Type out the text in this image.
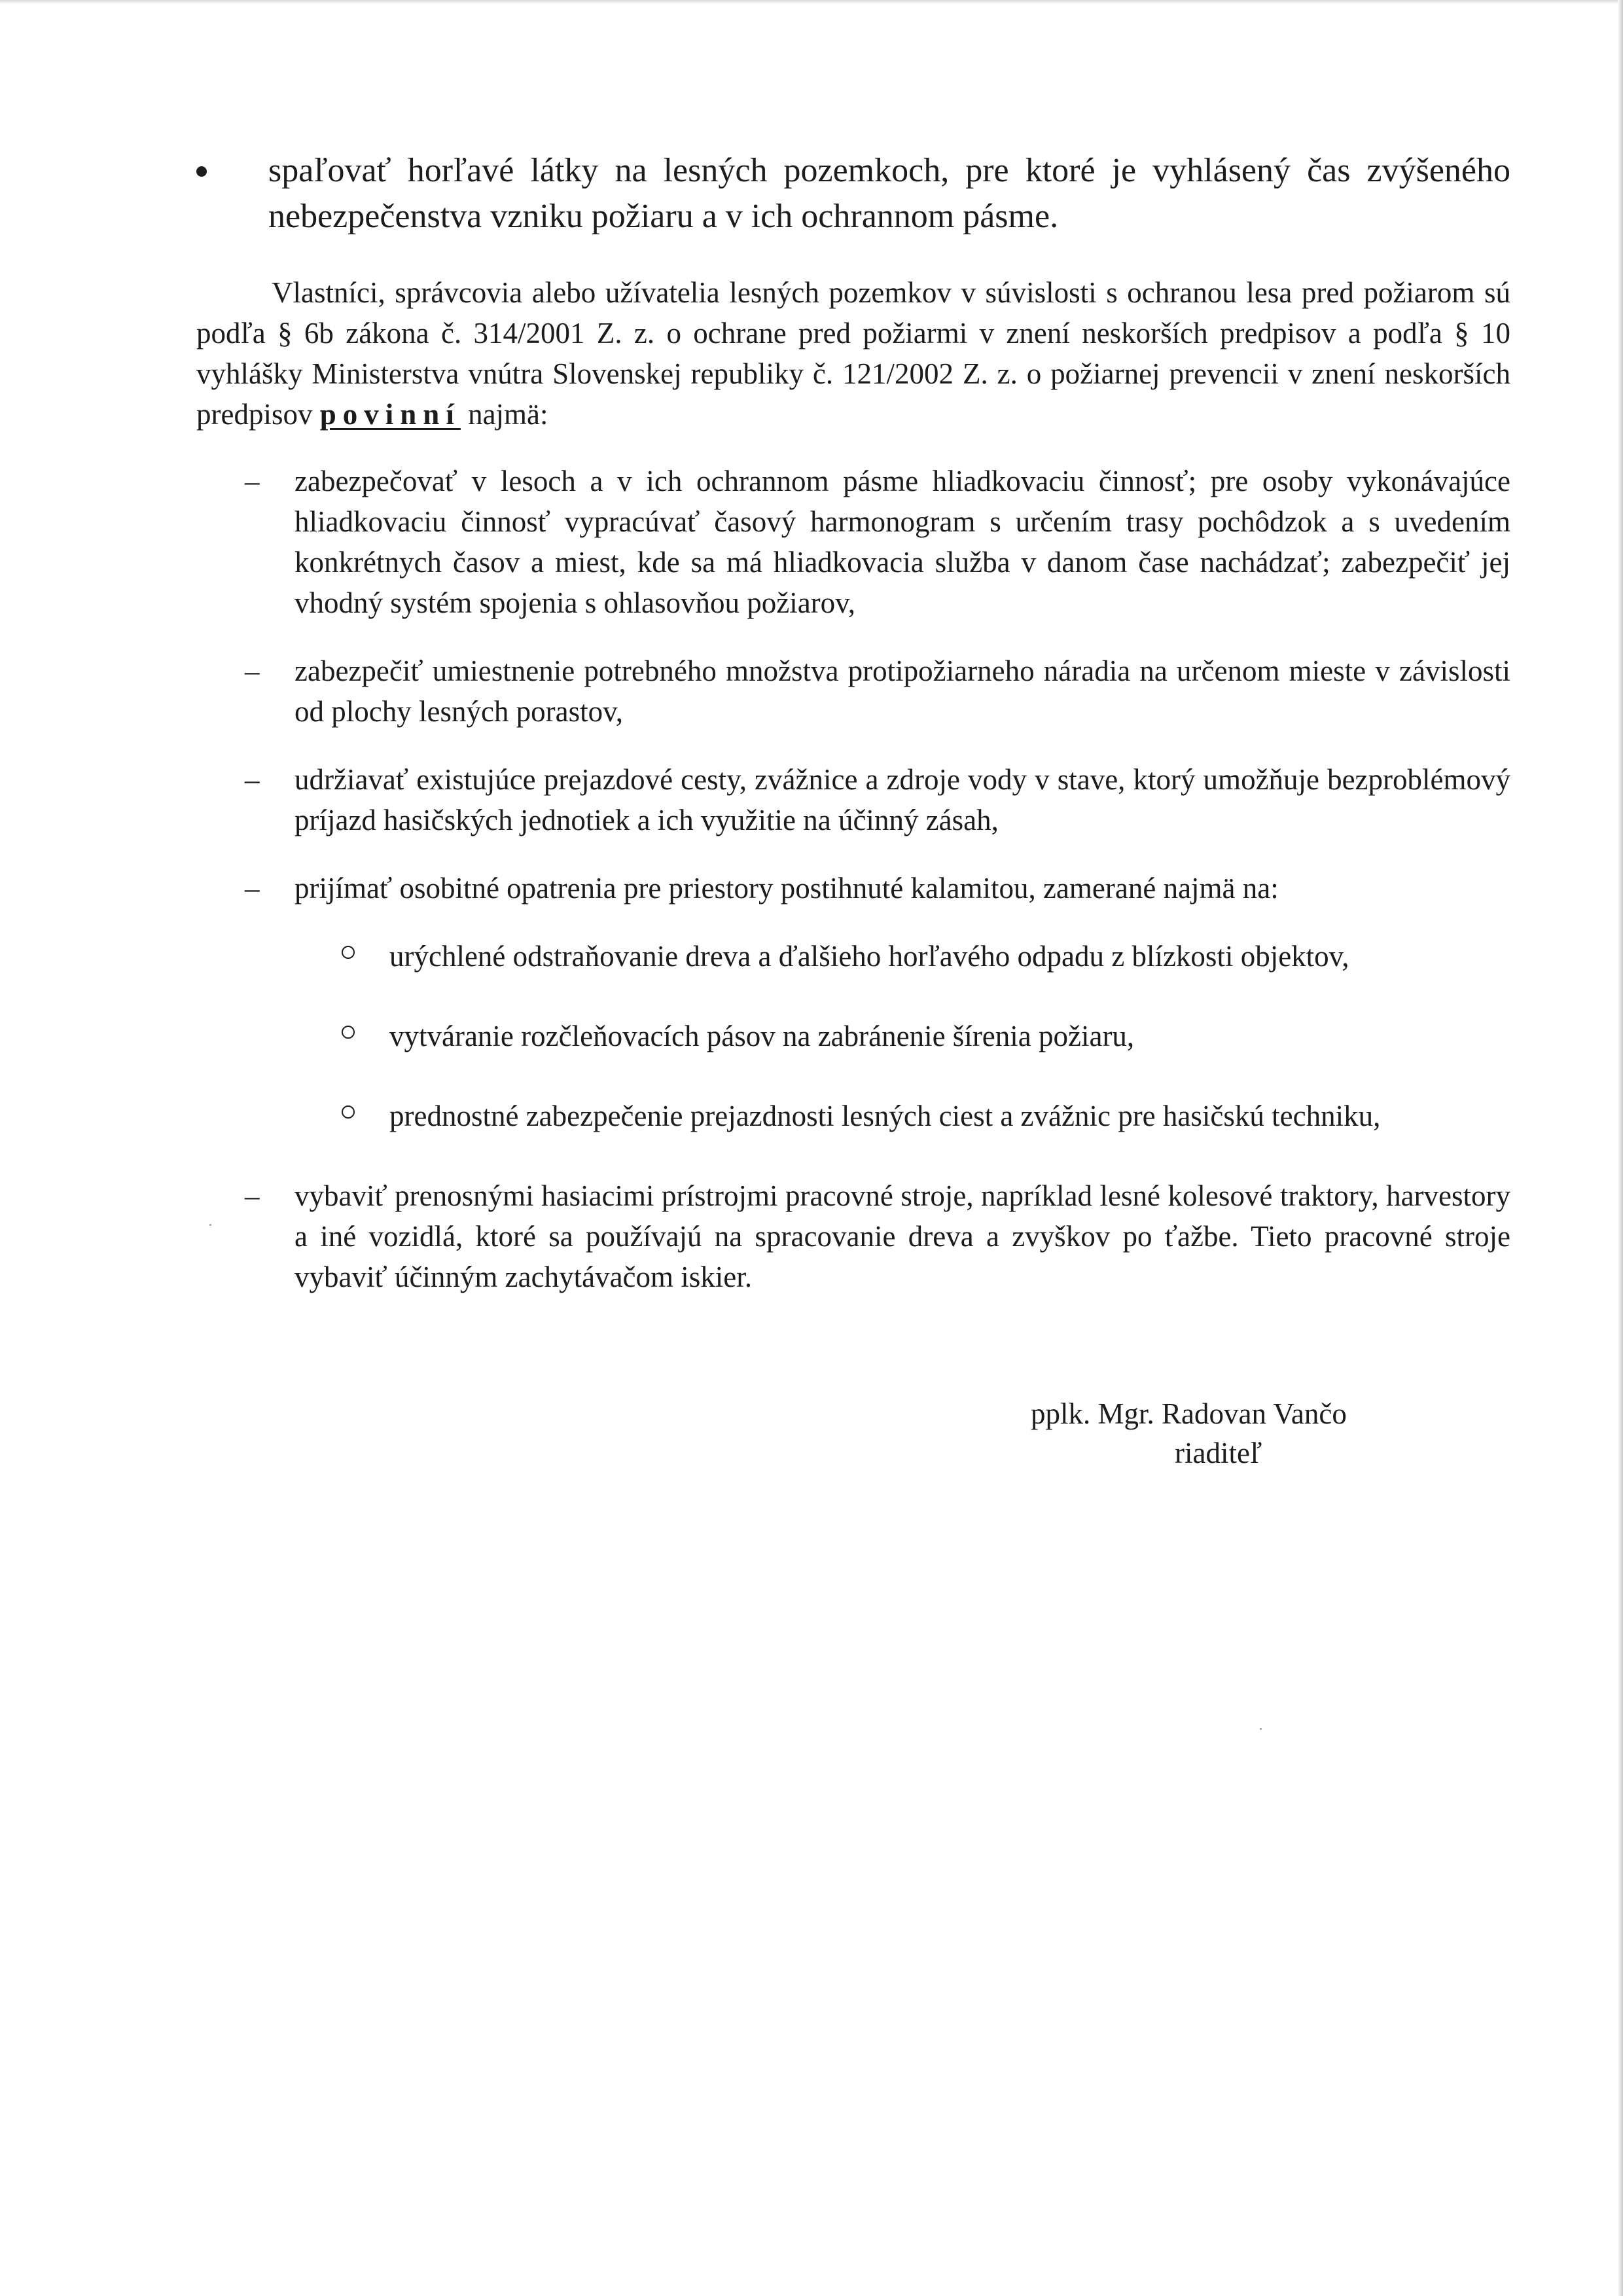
spaľovať horľavé látky na lesných pozemkoch, pre ktoré je vyhlásený čas zvýšeného nebezpečenstva vzniku požiaru a v ich ochrannom pásme.
Vlastníci, správcovia alebo užívatelia lesných pozemkov v súvislosti s ochranou lesa pred požiarom sú podľa § 6b zákona č. 314/2001 Z. z. o ochrane pred požiarmi v znení neskorších predpisov a podľa § 10 vyhlášky Ministerstva vnútra Slovenskej republiky č. 121/2002 Z. z. o požiarnej prevencii v znení neskorších predpisov povinní najmä:
– zabezpečovať v lesoch a v ich ochrannom pásme hliadkovaciu činnosť; pre osoby vykonávajúce hliadkovaciu činnosť vypracúvať časový harmonogram s určením trasy pochôdzok a s uvedením konkrétnych časov a miest, kde sa má hliadkovacia služba v danom čase nachádzať; zabezpečiť jej vhodný systém spojenia s ohlasovňou požiarov,
– zabezpečiť umiestnenie potrebného množstva protipožiarneho náradia na určenom mieste v závislosti od plochy lesných porastov,
– udržiavať existujúce prejazdové cesty, zvážnice a zdroje vody v stave, ktorý umožňuje bezproblémový príjazd hasičských jednotiek a ich využitie na účinný zásah,
– prijímať osobitné opatrenia pre priestory postihnuté kalamitou, zamerané najmä na:
urýchlené odstraňovanie dreva a ďalšieho horľavého odpadu z blízkosti objektov,
vytváranie rozčleňovacích pásov na zabránenie šírenia požiaru,
prednostné zabezpečenie prejazdnosti lesných ciest a zvážnic pre hasičskú techniku,
– vybaviť prenosnými hasiacimi prístrojmi pracovné stroje, napríklad lesné kolesové traktory, harvestory a iné vozidlá, ktoré sa používajú na spracovanie dreva a zvyškov po ťažbe. Tieto pracovné stroje vybaviť účinným zachytávačom iskier.
pplk. Mgr. Radovan Vančo
riaditeľ
